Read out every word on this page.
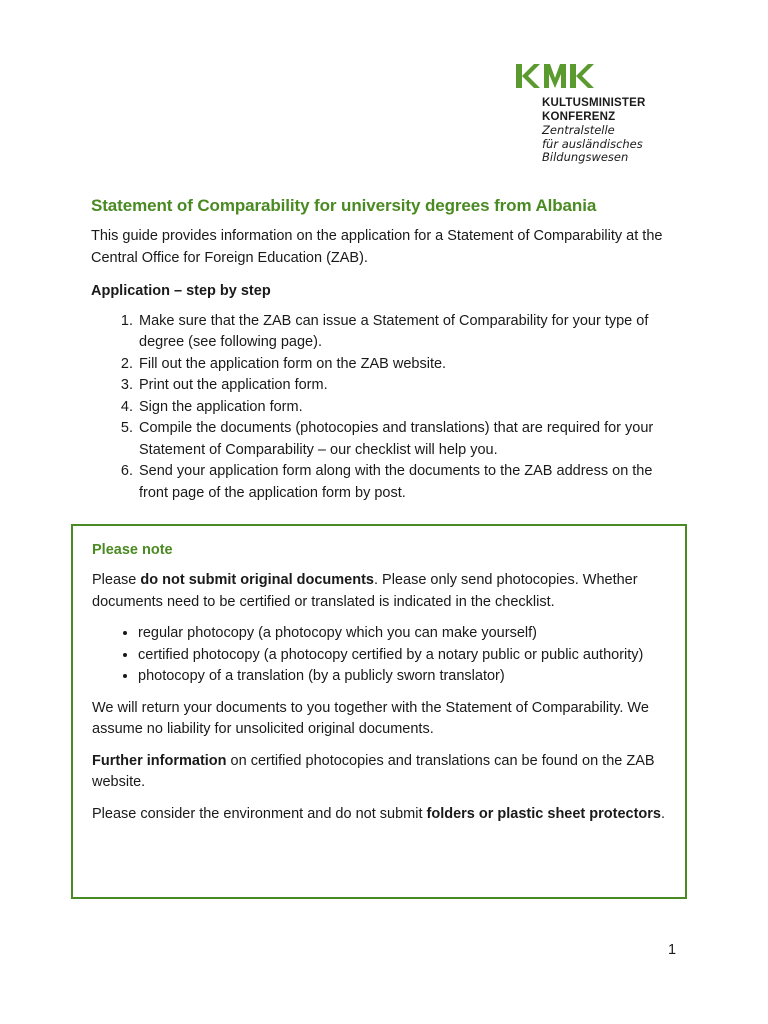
KULTUSMINISTER
KONFERENZ
Zentralstelle
für ausländisches
Bildungswesen
Statement of Comparability for university degrees from Albania

This guide provides information on the application for a Statement of Comparability at the Central Office for Foreign Education (ZAB).

Application – step by step

1. Make sure that the ZAB can issue a Statement of Comparability for your type of degree (see following page).
2. Fill out the application form on the ZAB website.
3. Print out the application form.
4. Sign the application form.
5. Compile the documents (photocopies and translations) that are required for your Statement of Comparability – our checklist will help you.
6. Send your application form along with the documents to the ZAB address on the front page of the application form by post.
Please note

Please do not submit original documents. Please only send photocopies. Whether documents need to be certified or translated is indicated in the checklist.

• regular photocopy (a photocopy which you can make yourself)
• certified photocopy (a photocopy certified by a notary public or public authority)
• photocopy of a translation (by a publicly sworn translator)

We will return your documents to you together with the Statement of Comparability. We assume no liability for unsolicited original documents.

Further information on certified photocopies and translations can be found on the ZAB website.

Please consider the environment and do not submit folders or plastic sheet protectors.

1
